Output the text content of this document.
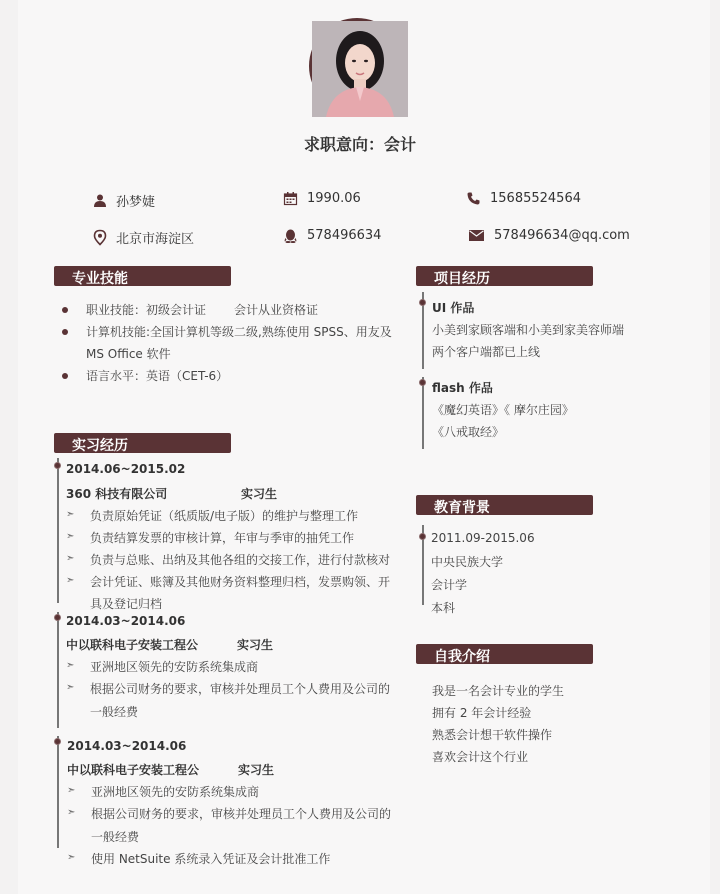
求职意向：会计
孙梦婕	1990.06	15685524564
北京市海淀区	578496634	578496634@qq.com
专业技能
职业技能：初级会计证 会计从业资格证
计算机技能:全国计算机等级二级,熟练使用 SPSS、用友及
MS Office 软件
语言水平：英语（CET-6）
实习经历
2014.06~2015.02
360 科技有限公司	实习生
➣ 负责原始凭证（纸质版/电子版）的维护与整理工作
➣ 负责结算发票的审核计算，年审与季审的抽凭工作
➣ 负责与总账、出纳及其他各组的交接工作，进行付款核对
➣ 会计凭证、账簿及其他财务资料整理归档，发票购领、开
具及登记归档
2014.03~2014.06
中以联科电子安装工程公	实习生
➣ 亚洲地区领先的安防系统集成商
➣ 根据公司财务的要求，审核并处理员工个人费用及公司的
一般经费
2014.03~2014.06
中以联科电子安装工程公	实习生
➣ 亚洲地区领先的安防系统集成商
➣ 根据公司财务的要求，审核并处理员工个人费用及公司的
一般经费
➣ 使用 NetSuite 系统录入凭证及会计批准工作
项目经历
UI 作品
小美到家顾客端和小美到家美容师端
两个客户端都已上线
flash 作品
《魔幻英语》《 摩尔庄园》
《八戒取经》
教育背景
2011.09-2015.06
中央民族大学
会计学
本科
自我介绍
我是一名会计专业的学生
拥有 2 年会计经验
熟悉会计想干软件操作
喜欢会计这个行业
